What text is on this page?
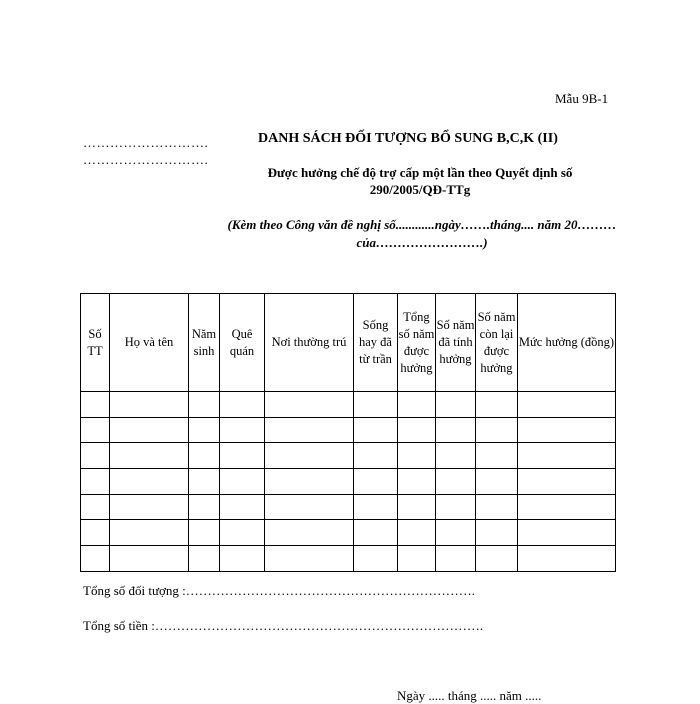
Mẫu 9B-1
……………………….
……………………….
DANH SÁCH ĐỐI TƯỢNG BỔ SUNG B,C,K (II)
Được hưởng chế độ trợ cấp một lần theo Quyết định số 290/2005/QĐ-TTg
(Kèm theo Công văn đề nghị số............ngày…….tháng.... năm 20………của…………………….)
Số TT	Họ và tên	Năm sinh	Quê quán	Nơi thường trú	Sống hay đã từ trần	Tổng số năm được hưởng	Số năm đã tính hưởng	Số năm còn lại được hưởng	Mức hưởng (đồng)

Tổng số đối tượng :………………………………………………………….
Tổng số tiền :………………………………………………………………….
Ngày ..... tháng ..... năm .....
